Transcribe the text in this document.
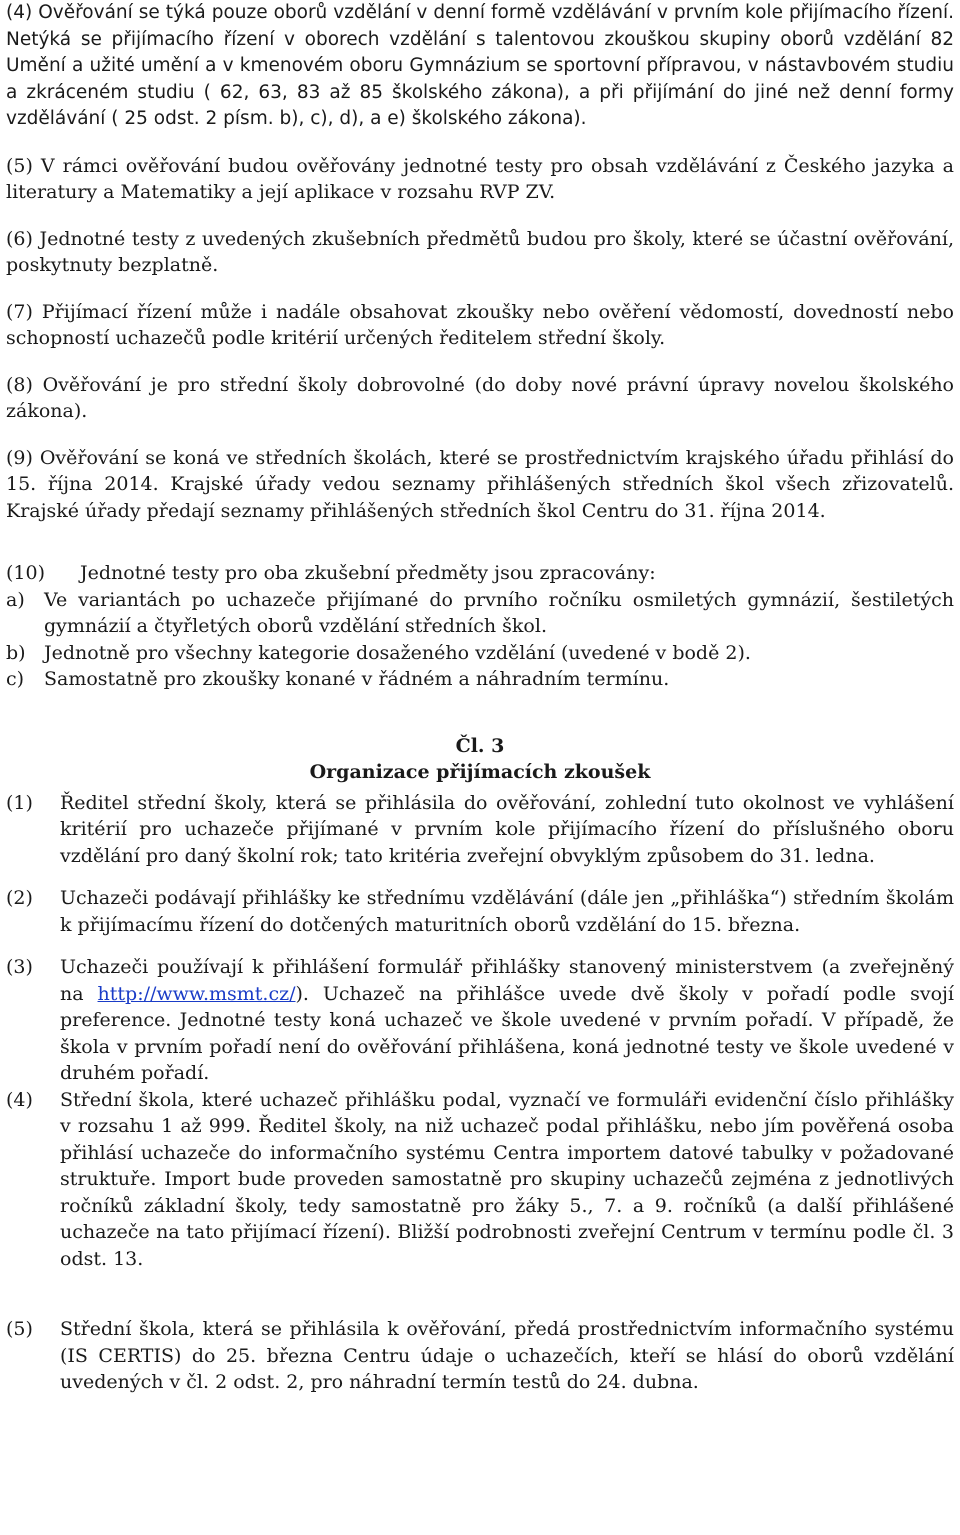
(4) Ověřování se týká pouze oborů vzdělání v denní formě vzdělávání v prvním kole přijímacího řízení. Netýká se přijímacího řízení v oborech vzdělání s talentovou zkouškou skupiny oborů vzdělání 82 Umění a užité umění a v kmenovém oboru Gymnázium se sportovní přípravou, v nástavbovém studiu a zkráceném studiu ( 62, 63, 83 až 85 školského zákona), a při přijímání do jiné než denní formy vzdělávání ( 25 odst. 2 písm. b), c), d), a e) školského zákona).

(5) V rámci ověřování budou ověřovány jednotné testy pro obsah vzdělávání z Českého jazyka a literatury a Matematiky a její aplikace v rozsahu RVP ZV.

(6) Jednotné testy z uvedených zkušebních předmětů budou pro školy, které se účastní ověřování, poskytnuty bezplatně.

(7) Přijímací řízení může i nadále obsahovat zkoušky nebo ověření vědomostí, dovedností nebo schopností uchazečů podle kritérií určených ředitelem střední školy.

(8) Ověřování je pro střední školy dobrovolné (do doby nové právní úpravy novelou školského zákona).

(9) Ověřování se koná ve středních školách, které se prostřednictvím krajského úřadu přihlásí do 15. října 2014. Krajské úřady vedou seznamy přihlášených středních škol všech zřizovatelů. Krajské úřady předají seznamy přihlášených středních škol Centru do 31. října 2014.

(10)	Jednotné testy pro oba zkušební předměty jsou zpracovány:
a)	Ve variantách po uchazeče přijímané do prvního ročníku osmiletých gymnázií, šestiletých gymnázií a čtyřletých oborů vzdělání středních škol.
b) Jednotně pro všechny kategorie dosaženého vzdělání (uvedené v bodě 2).
c)	Samostatně pro zkoušky konané v řádném a náhradním termínu.

Čl. 3

Organizace přijímacích zkoušek

(1)	Ředitel střední školy, která se přihlásila do ověřování, zohlední tuto okolnost ve vyhlášení kritérií pro uchazeče přijímané v prvním kole přijímacího řízení do příslušného oboru vzdělání pro daný školní rok; tato kritéria zveřejní obvyklým způsobem do 31. ledna.
(2)	Uchazeči podávají přihlášky ke střednímu vzdělávání (dále jen „přihláška“) středním školám k přijímacímu řízení do dotčených maturitních oborů vzdělání do 15. března.
(3)	Uchazeči používají k přihlášení formulář přihlášky stanovený ministerstvem (a zveřejněný na http://www.msmt.cz/). Uchazeč na přihlášce uvede dvě školy v pořadí podle svojí preference. Jednotné testy koná uchazeč ve škole uvedené v prvním pořadí. V případě, že škola v prvním pořadí není do ověřování přihlášena, koná jednotné testy ve škole uvedené v druhém pořadí.
(4)	Střední škola, které uchazeč přihlášku podal, vyznačí ve formuláři evidenční číslo přihlášky v rozsahu 1 až 999. Ředitel školy, na niž uchazeč podal přihlášku, nebo jím pověřená osoba přihlásí uchazeče do informačního systému Centra importem datové tabulky v požadované struktuře. Import bude proveden samostatně pro skupiny uchazečů zejména z jednotlivých ročníků základní školy, tedy samostatně pro žáky 5., 7. a 9. ročníků (a další přihlášené uchazeče na tato přijímací řízení). Bližší podrobnosti zveřejní Centrum v termínu podle čl. 3 odst. 13.
(5)	Střední škola, která se přihlásila k ověřování, předá prostřednictvím informačního systému (IS CERTIS) do 25. března Centru údaje o uchazečích, kteří se hlásí do oborů vzdělání uvedených v čl. 2 odst. 2, pro náhradní termín testů do 24. dubna.
